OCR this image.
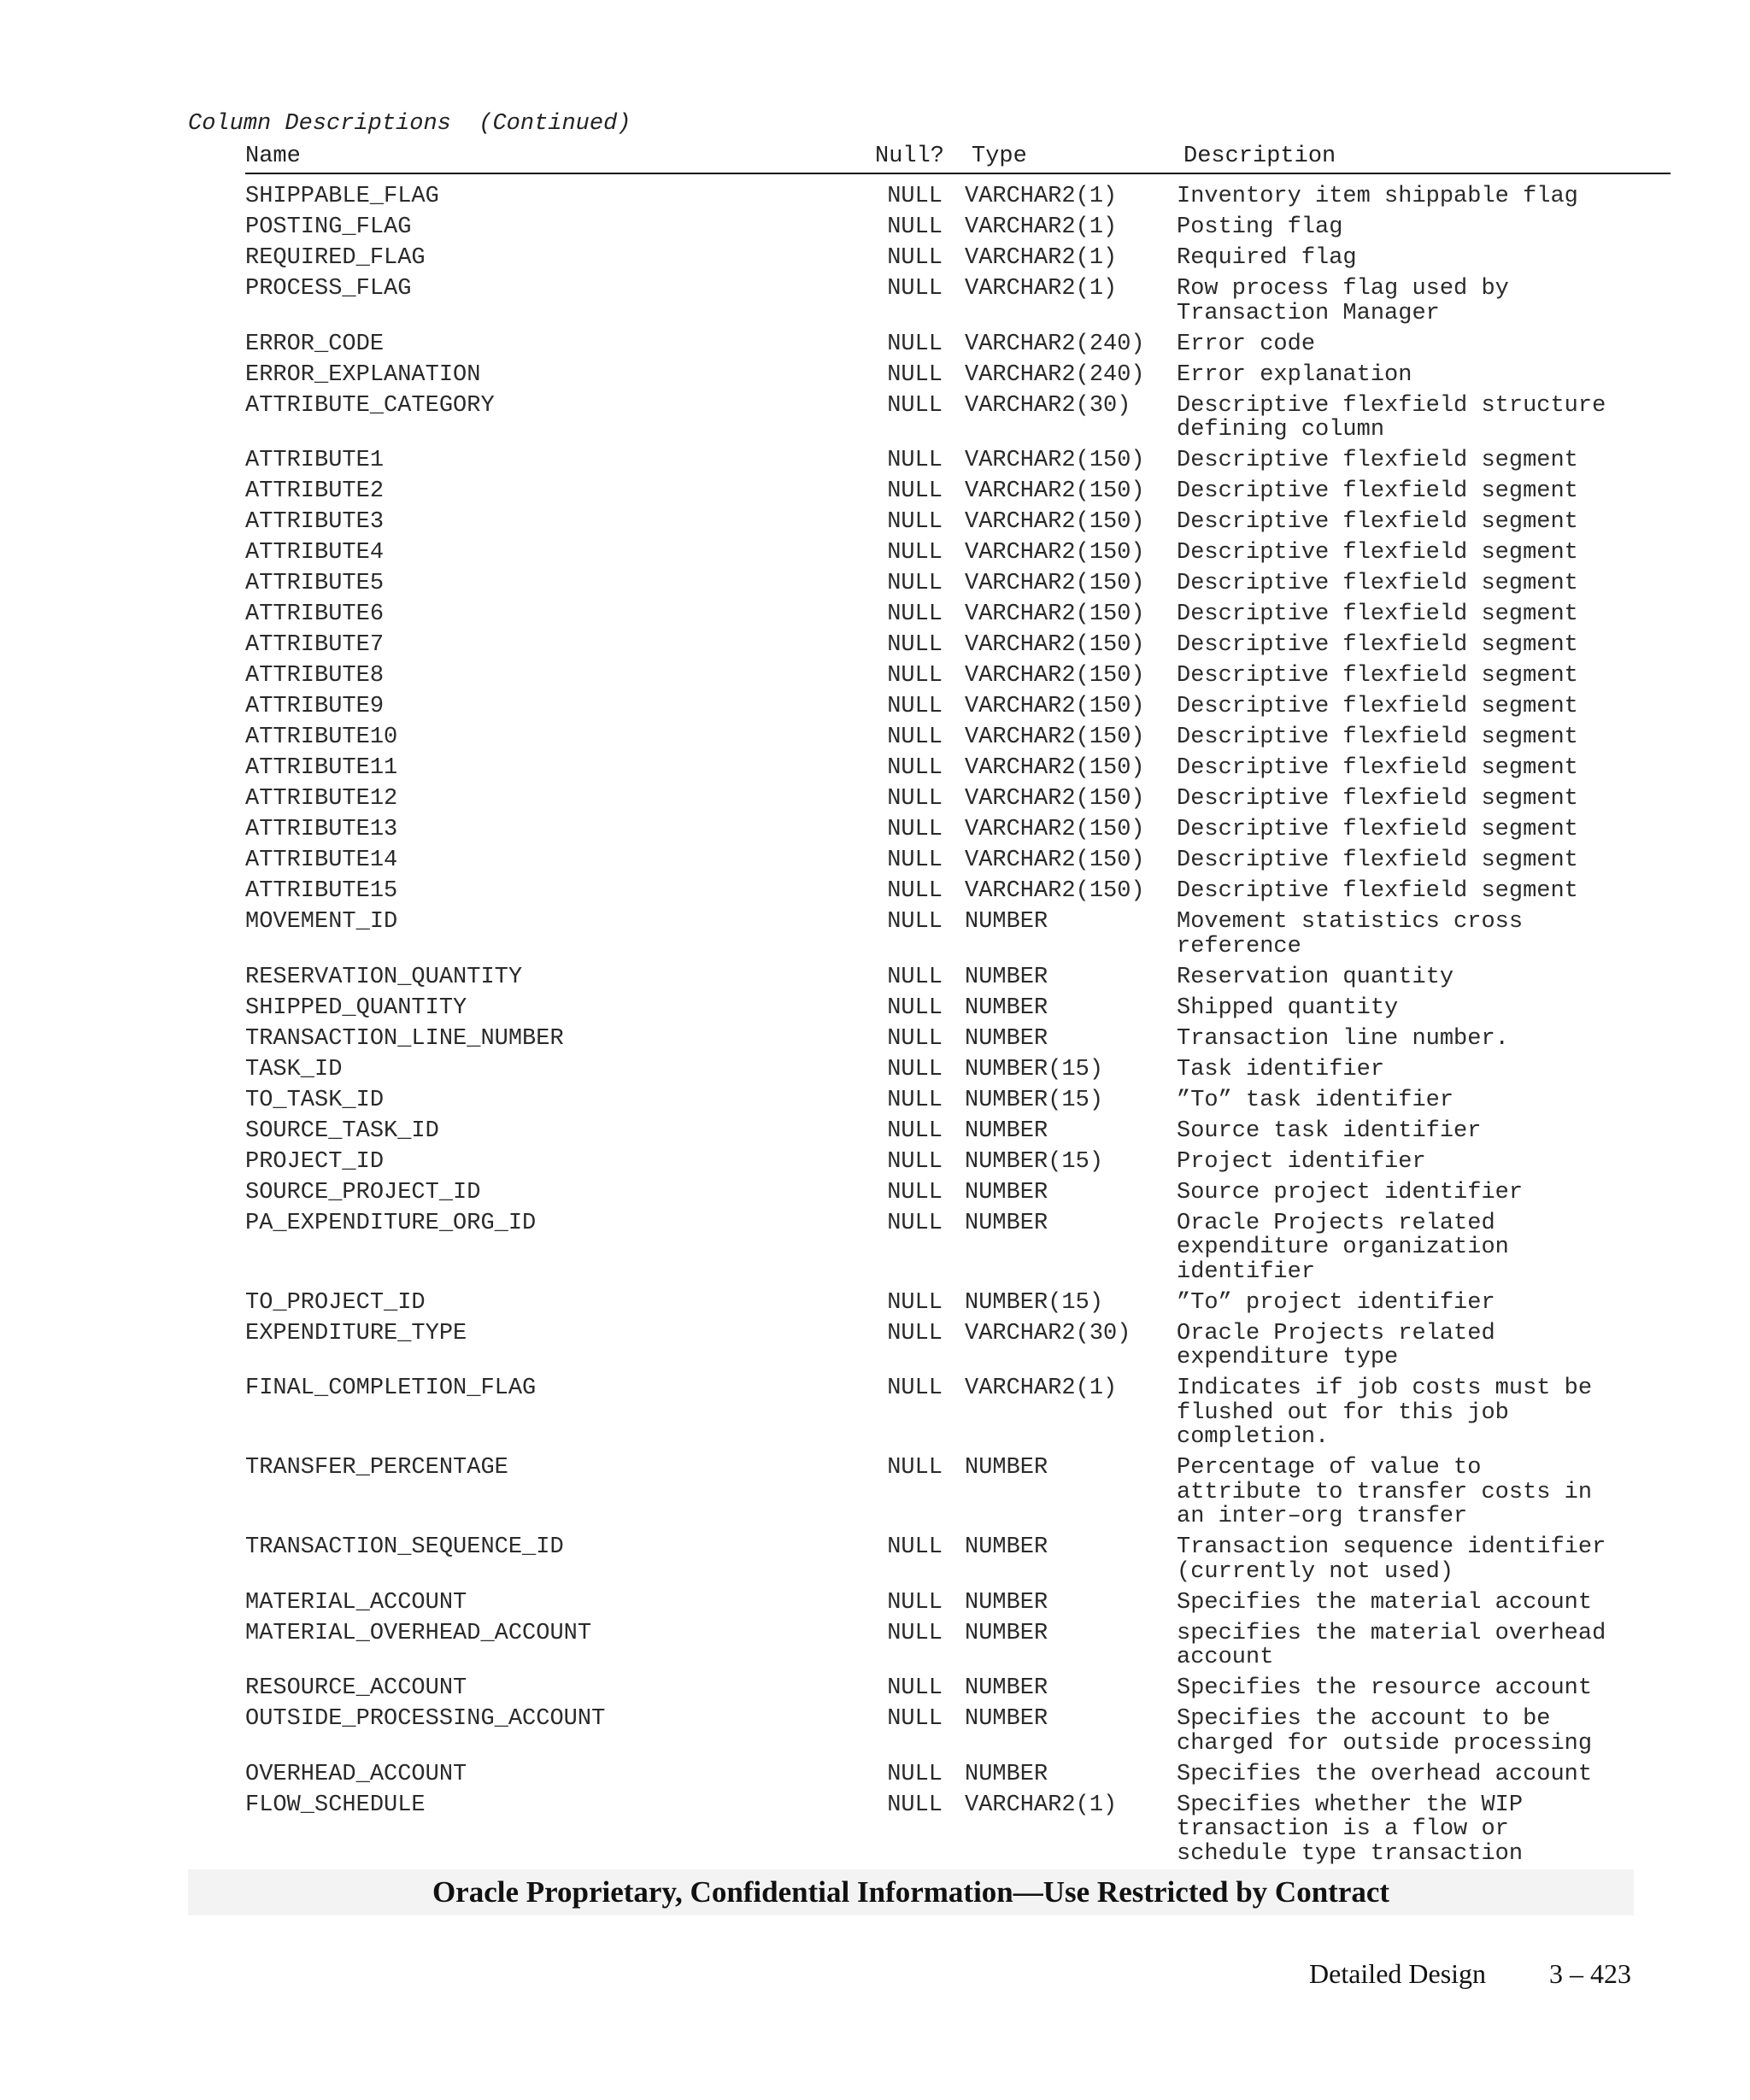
Column Descriptions  (Continued)
Name	Null? Type	Description
SHIPPABLE_FLAG	NULL VARCHAR2(1)	Inventory item shippable flag
POSTING_FLAG	NULL VARCHAR2(1)	Posting flag
REQUIRED_FLAG	NULL VARCHAR2(1)	Required flag
PROCESS_FLAG	NULL VARCHAR2(1)	Row process flag used by
Transaction Manager
ERROR_CODE	NULL VARCHAR2(240)	Error code
ERROR_EXPLANATION	NULL VARCHAR2(240)	Error explanation
ATTRIBUTE_CATEGORY	NULL VARCHAR2(30)	Descriptive flexfield structure
defining column
ATTRIBUTE1	NULL VARCHAR2(150)	Descriptive flexfield segment
ATTRIBUTE2	NULL VARCHAR2(150)	Descriptive flexfield segment
ATTRIBUTE3	NULL VARCHAR2(150)	Descriptive flexfield segment
ATTRIBUTE4	NULL VARCHAR2(150)	Descriptive flexfield segment
ATTRIBUTE5	NULL VARCHAR2(150)	Descriptive flexfield segment
ATTRIBUTE6	NULL VARCHAR2(150)	Descriptive flexfield segment
ATTRIBUTE7	NULL VARCHAR2(150)	Descriptive flexfield segment
ATTRIBUTE8	NULL VARCHAR2(150)	Descriptive flexfield segment
ATTRIBUTE9	NULL VARCHAR2(150)	Descriptive flexfield segment
ATTRIBUTE10	NULL VARCHAR2(150)	Descriptive flexfield segment
ATTRIBUTE11	NULL VARCHAR2(150)	Descriptive flexfield segment
ATTRIBUTE12	NULL VARCHAR2(150)	Descriptive flexfield segment
ATTRIBUTE13	NULL VARCHAR2(150)	Descriptive flexfield segment
ATTRIBUTE14	NULL VARCHAR2(150)	Descriptive flexfield segment
ATTRIBUTE15	NULL VARCHAR2(150)	Descriptive flexfield segment
MOVEMENT_ID	NULL NUMBER	Movement statistics cross
reference
RESERVATION_QUANTITY	NULL NUMBER	Reservation quantity
SHIPPED_QUANTITY	NULL NUMBER	Shipped quantity
TRANSACTION_LINE_NUMBER	NULL NUMBER	Transaction line number.
TASK_ID	NULL NUMBER(15)	Task identifier
TO_TASK_ID	NULL NUMBER(15)	”To” task identifier
SOURCE_TASK_ID	NULL NUMBER	Source task identifier
PROJECT_ID	NULL NUMBER(15)	Project identifier
SOURCE_PROJECT_ID	NULL NUMBER	Source project identifier
PA_EXPENDITURE_ORG_ID	NULL NUMBER	Oracle Projects related
expenditure organization
identifier
TO_PROJECT_ID	NULL NUMBER(15)	”To” project identifier
EXPENDITURE_TYPE	NULL VARCHAR2(30)	Oracle Projects related
expenditure type
FINAL_COMPLETION_FLAG	NULL VARCHAR2(1)	Indicates if job costs must be
flushed out for this job
completion.
TRANSFER_PERCENTAGE	NULL NUMBER	Percentage of value to
attribute to transfer costs in
an inter–org transfer
TRANSACTION_SEQUENCE_ID	NULL NUMBER	Transaction sequence identifier
(currently not used)
MATERIAL_ACCOUNT	NULL NUMBER	Specifies the material account
MATERIAL_OVERHEAD_ACCOUNT	NULL NUMBER	specifies the material overhead
account
RESOURCE_ACCOUNT	NULL NUMBER	Specifies the resource account
OUTSIDE_PROCESSING_ACCOUNT	NULL NUMBER	Specifies the account to be
charged for outside processing
OVERHEAD_ACCOUNT	NULL NUMBER	Specifies the overhead account
FLOW_SCHEDULE	NULL VARCHAR2(1)	Specifies whether the WIP
transaction is a flow or
schedule type transaction
Oracle Proprietary, Confidential Information––Use Restricted by Contract
Detailed Design 3 – 423
